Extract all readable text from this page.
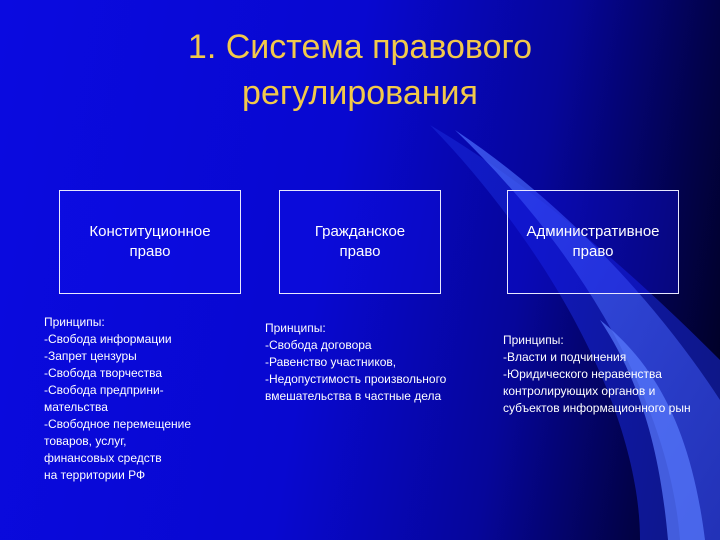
1. Система правового
регулирования
Конституционное
право
Гражданское
право
Административное
право
Принципы:
-Свобода информации
-Запрет цензуры
-Свобода творчества
-Свобода предприни-
мательства
-Свободное перемещение
товаров, услуг,
финансовых средств
на территории РФ
Принципы:
-Свобода договора
-Равенство участников,
-Недопустимость произвольного
вмешательства в частные дела
Принципы:
-Власти и подчинения
-Юридического неравенства
контролирующих органов и
субъектов информационного рын
